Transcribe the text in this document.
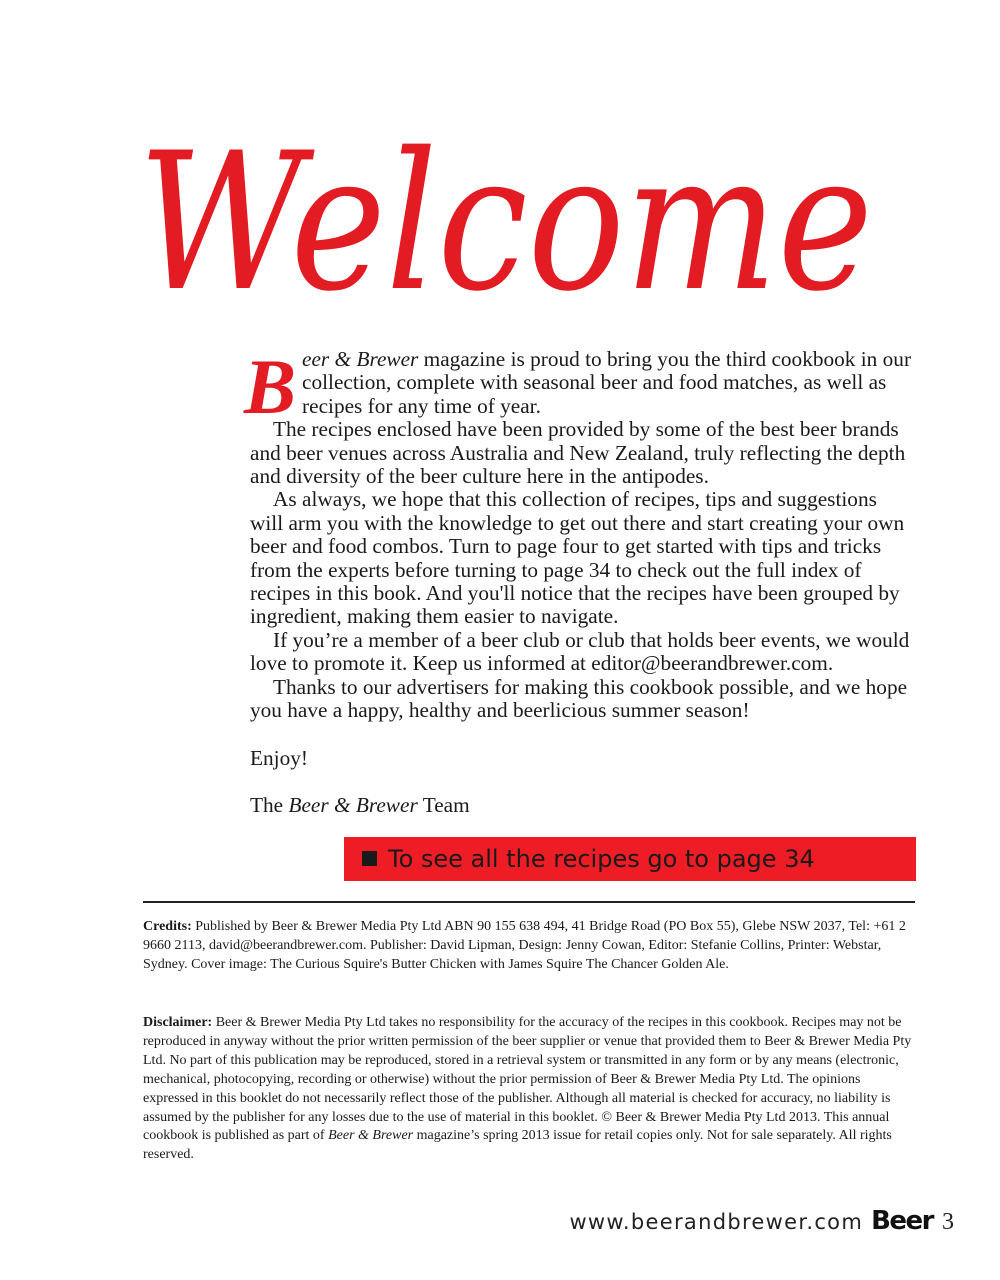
Welcome

Beer & Brewer magazine is proud to bring you the third cookbook in our collection, complete with seasonal beer and food matches, as well as recipes for any time of year.

The recipes enclosed have been provided by some of the best beer brands and beer venues across Australia and New Zealand, truly reflecting the depth and diversity of the beer culture here in the antipodes.

As always, we hope that this collection of recipes, tips and suggestions will arm you with the knowledge to get out there and start creating your own beer and food combos. Turn to page four to get started with tips and tricks from the experts before turning to page 34 to check out the full index of recipes in this book. And you'll notice that the recipes have been grouped by ingredient, making them easier to navigate.

If you’re a member of a beer club or club that holds beer events, we would love to promote it. Keep us informed at editor@beerandbrewer.com.

Thanks to our advertisers for making this cookbook possible, and we hope you have a happy, healthy and beerlicious summer season!

Enjoy!
The Beer & Brewer Team
To see all the recipes go to page 34

Credits: Published by Beer & Brewer Media Pty Ltd ABN 90 155 638 494, 41 Bridge Road (PO Box 55), Glebe NSW 2037, Tel: +61 2 9660 2113, david@beerandbrewer.com. Publisher: David Lipman, Design: Jenny Cowan, Editor: Stefanie Collins, Printer: Webstar, Sydney. Cover image: The Curious Squire's Butter Chicken with James Squire The Chancer Golden Ale.

Disclaimer: Beer & Brewer Media Pty Ltd takes no responsibility for the accuracy of the recipes in this cookbook. Recipes may not be reproduced in anyway without the prior written permission of the beer supplier or venue that provided them to Beer & Brewer Media Pty Ltd. No part of this publication may be reproduced, stored in a retrieval system or transmitted in any form or by any means (electronic, mechanical, photocopying, recording or otherwise) without the prior permission of Beer & Brewer Media Pty Ltd. The opinions expressed in this booklet do not necessarily reflect those of the publisher. Although all material is checked for accuracy, no liability is assumed by the publisher for any losses due to the use of material in this booklet. © Beer & Brewer Media Pty Ltd 2013. This annual cookbook is published as part of Beer & Brewer magazine’s spring 2013 issue for retail copies only. Not for sale separately. All rights reserved.

www.beerandbrewer.com Beer 3
